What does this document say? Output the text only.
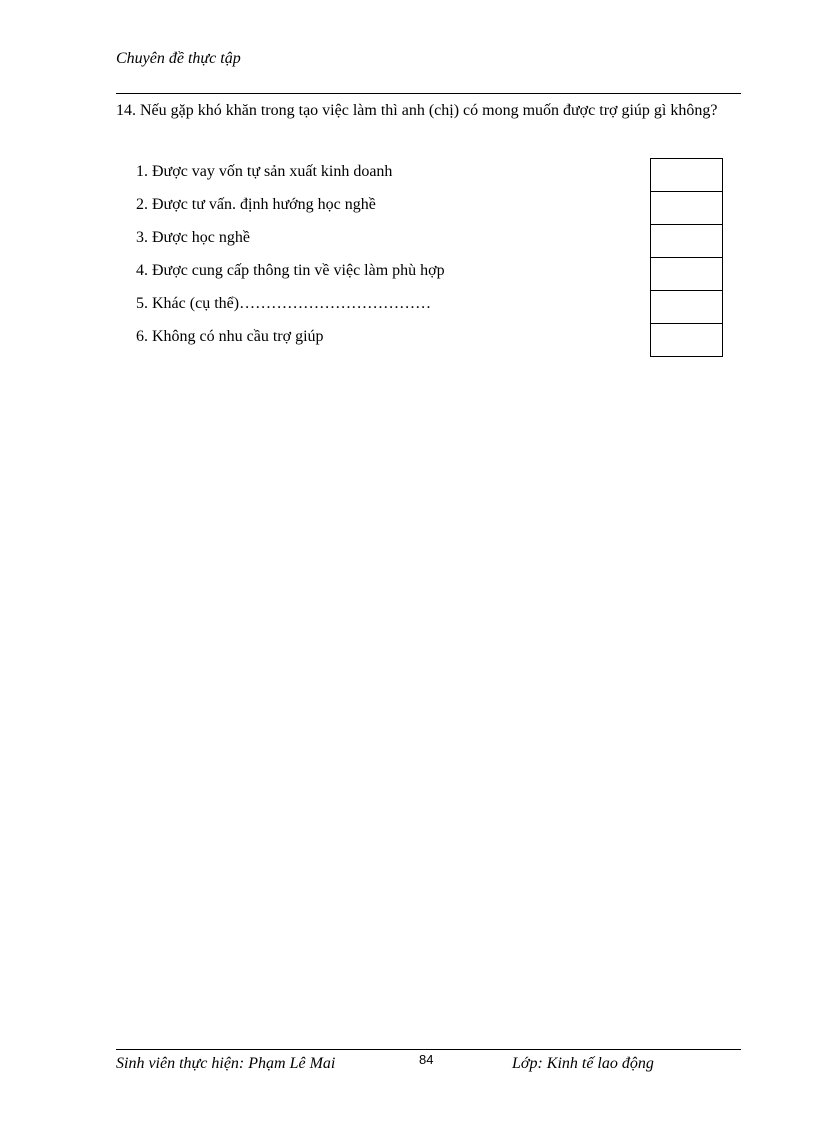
Chuyên đề thực tập
14. Nếu gặp khó khăn trong tạo việc làm thì anh (chị) có mong muốn được trợ giúp gì không?
1. Được vay vốn tự sản xuất kinh doanh
2. Được tư vấn. định hướng học nghề
3. Được học nghề
4. Được cung cấp thông tin về việc làm phù hợp
5. Khác (cụ thể)………………………………
6. Không có nhu cầu trợ giúp
Sinh viên thực hiện: Phạm Lê Mai	84	Lớp: Kinh tế lao động
